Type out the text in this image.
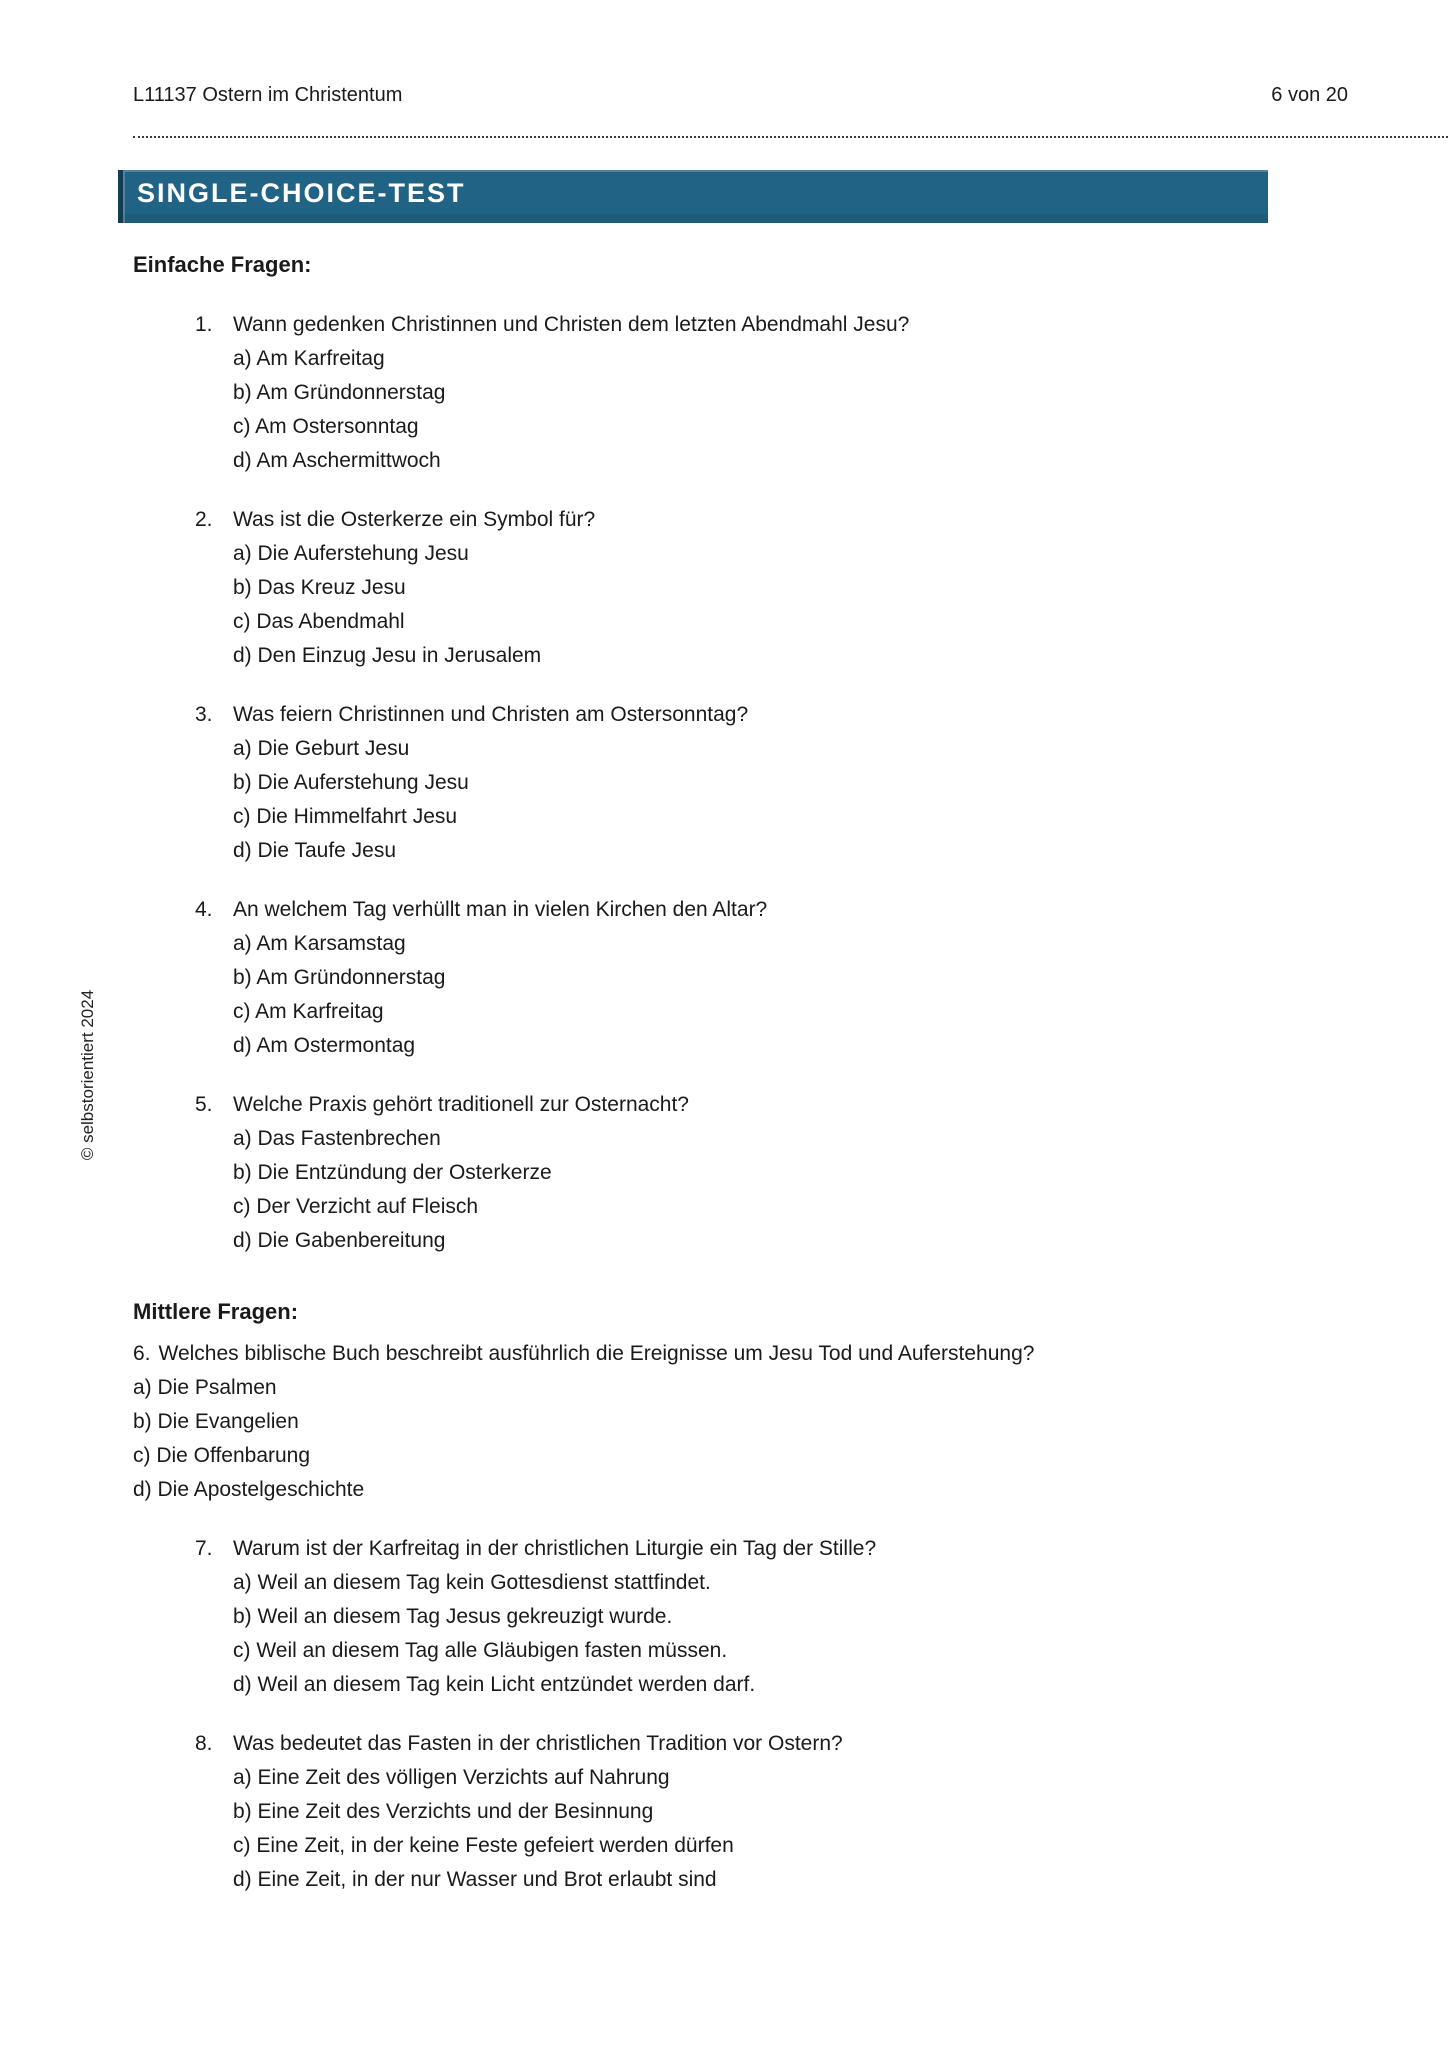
L11137 Ostern im Christentum	6 von 20
SINGLE-CHOICE-TEST
© selbstorientiert 2024
Einfache Fragen:
1. Wann gedenken Christinnen und Christen dem letzten Abendmahl Jesu?
a) Am Karfreitag
b) Am Gründonnerstag
c) Am Ostersonntag
d) Am Aschermittwoch
2. Was ist die Osterkerze ein Symbol für?
a) Die Auferstehung Jesu
b) Das Kreuz Jesu
c) Das Abendmahl
d) Den Einzug Jesu in Jerusalem
3. Was feiern Christinnen und Christen am Ostersonntag?
a) Die Geburt Jesu
b) Die Auferstehung Jesu
c) Die Himmelfahrt Jesu
d) Die Taufe Jesu
4. An welchem Tag verhüllt man in vielen Kirchen den Altar?
a) Am Karsamstag
b) Am Gründonnerstag
c) Am Karfreitag
d) Am Ostermontag
5. Welche Praxis gehört traditionell zur Osternacht?
a) Das Fastenbrechen
b) Die Entzündung der Osterkerze
c) Der Verzicht auf Fleisch
d) Die Gabenbereitung
Mittlere Fragen:
6. Welches biblische Buch beschreibt ausführlich die Ereignisse um Jesu Tod und Auferstehung?
a) Die Psalmen
b) Die Evangelien
c) Die Offenbarung
d) Die Apostelgeschichte
7. Warum ist der Karfreitag in der christlichen Liturgie ein Tag der Stille?
a) Weil an diesem Tag kein Gottesdienst stattfindet.
b) Weil an diesem Tag Jesus gekreuzigt wurde.
c) Weil an diesem Tag alle Gläubigen fasten müssen.
d) Weil an diesem Tag kein Licht entzündet werden darf.
8. Was bedeutet das Fasten in der christlichen Tradition vor Ostern?
a) Eine Zeit des völligen Verzichts auf Nahrung
b) Eine Zeit des Verzichts und der Besinnung
c) Eine Zeit, in der keine Feste gefeiert werden dürfen
d) Eine Zeit, in der nur Wasser und Brot erlaubt sind
